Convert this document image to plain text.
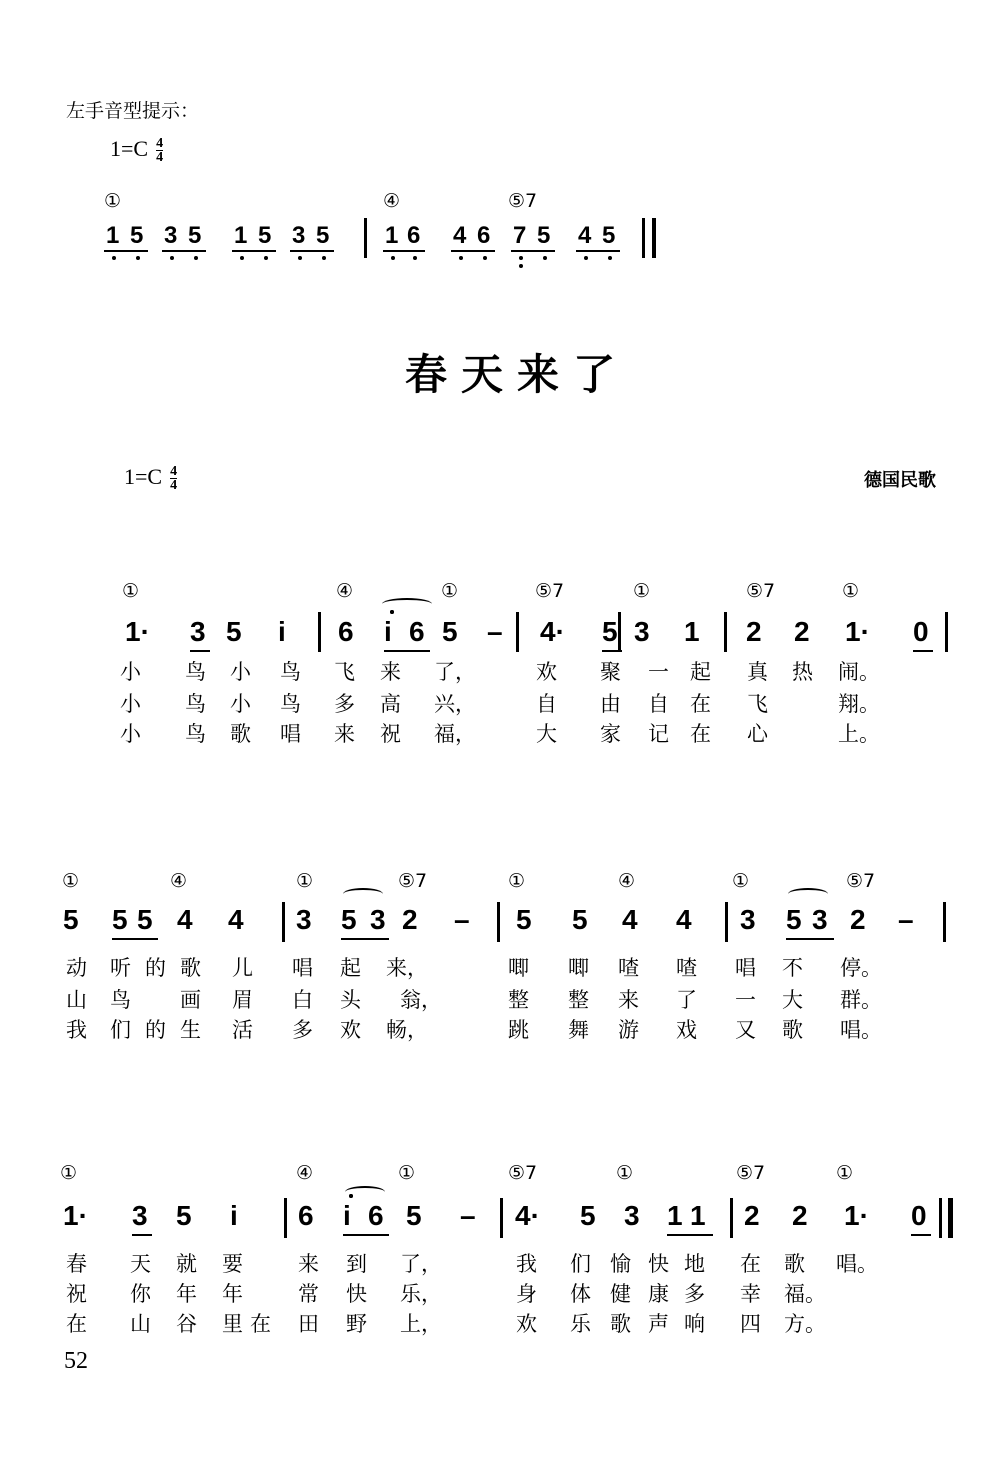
左手音型提示：
$1=C \frac{4}{4}$
①	④	⑤7
1 5 3 5 1 5 3 5 1 6 4 6 7 5 4 5
春天来了
$1=C \frac{4}{4}$	德国民歌
①	④	①	⑤7	①	⑤7	①
1· 3 5 i 6 i 6 5 – 4· 5 3 1 2 2 1· 0
小 鸟 小 鸟 飞 来 了，	欢 聚 一 起 真 热 闹。
小 鸟 小 鸟 多 高 兴，	自 由 自 在 飞	翔。
小 鸟 歌 唱 来 祝 福，	大 家 记 在 心	上。
①	④	①	⑤7	①	④	①	⑤7
5 5 5 4 4 3 5 3 2 – 5 5 4 4 3 5 3 2 –
动 听 的 歌 儿 唱 起 来，	唧 唧 喳 喳 唱 不 停。
山 鸟 画 眉 白 头 翁，	整 整 来 了 一 大 群。
我 们 的 生 活 多 欢 畅，	跳 舞 游 戏 又 歌 唱。
①	④	①	⑤7	①	⑤7	①
1· 3 5 i 6 i 6 5 – 4· 5 3 1 1 2 2 1· 0
春 天 就 要	来 到 了，	我 们 愉 快 地 在 歌 唱。
祝 你 年 年	常 快 乐，	身 体 健 康 多 幸 福。
在 山 谷 里 在 田 野 上，	欢 乐 歌 声 响 四 方。
52
